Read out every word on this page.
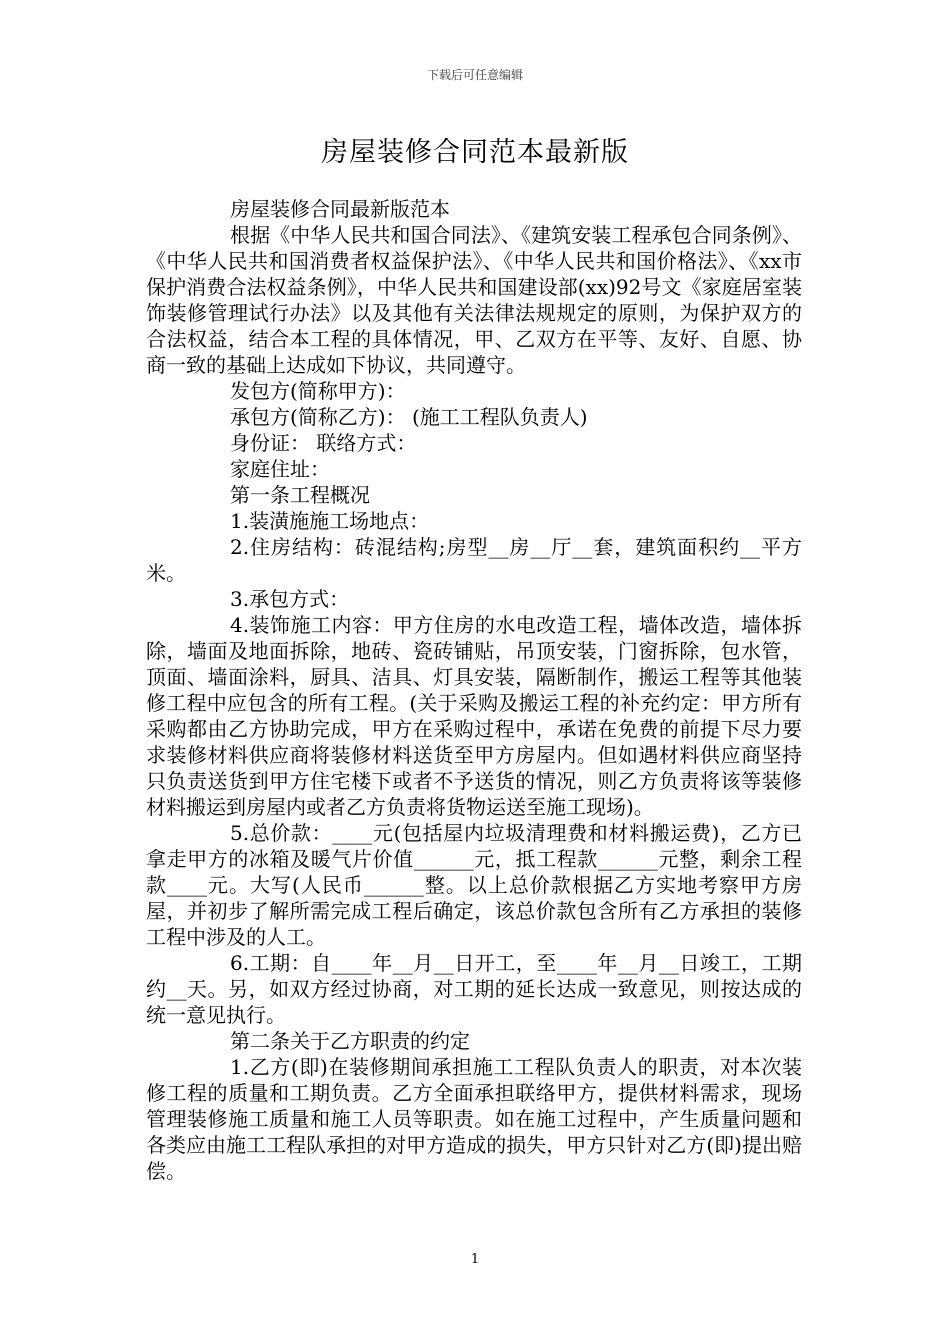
下载后可任意编辑
房屋装修合同范本最新版

房屋装修合同最新版范本

根据《中华人民共和国合同法》、《建筑安装工程承包合同条例》、《中华人民共和国消费者权益保护法》、《中华人民共和国价格法》、《xx市保护消费合法权益条例》，中华人民共和国建设部(xx)92号文《家庭居室装饰装修管理试行办法》以及其他有关法律法规规定的原则，为保护双方的合法权益，结合本工程的具体情况，甲、乙双方在平等、友好、自愿、协商一致的基础上达成如下协议，共同遵守。

发包方(简称甲方)：

承包方(简称乙方)： (施工工程队负责人)

身份证： 联络方式：

家庭住址：

第一条工程概况

1.装潢施施工场地点：

2.住房结构：砖混结构;房型__房__厅__套，建筑面积约__平方米。

3.承包方式：

4.装饰施工内容：甲方住房的水电改造工程，墙体改造，墙体拆除，墙面及地面拆除，地砖、瓷砖铺贴，吊顶安装，门窗拆除，包水管，顶面、墙面涂料，厨具、洁具、灯具安装，隔断制作，搬运工程等其他装修工程中应包含的所有工程。(关于采购及搬运工程的补充约定：甲方所有采购都由乙方协助完成，甲方在采购过程中，承诺在免费的前提下尽力要求装修材料供应商将装修材料送货至甲方房屋内。但如遇材料供应商坚持只负责送货到甲方住宅楼下或者不予送货的情况，则乙方负责将该等装修材料搬运到房屋内或者乙方负责将货物运送至施工现场)。

5.总价款：____元(包括屋内垃圾清理费和材料搬运费)，乙方已拿走甲方的冰箱及暖气片价值______元，抵工程款______元整，剩余工程款____元。大写(人民币______整。以上总价款根据乙方实地考察甲方房屋，并初步了解所需完成工程后确定，该总价款包含所有乙方承担的装修工程中涉及的人工。

6.工期：自____年__月__日开工，至____年__月__日竣工，工期约__天。另，如双方经过协商，对工期的延长达成一致意见，则按达成的统一意见执行。

第二条关于乙方职责的约定

1.乙方(即)在装修期间承担施工工程队负责人的职责，对本次装修工程的质量和工期负责。乙方全面承担联络甲方，提供材料需求，现场管理装修施工质量和施工人员等职责。如在施工过程中，产生质量问题和各类应由施工工程队承担的对甲方造成的损失，甲方只针对乙方(即)提出赔偿。

1
